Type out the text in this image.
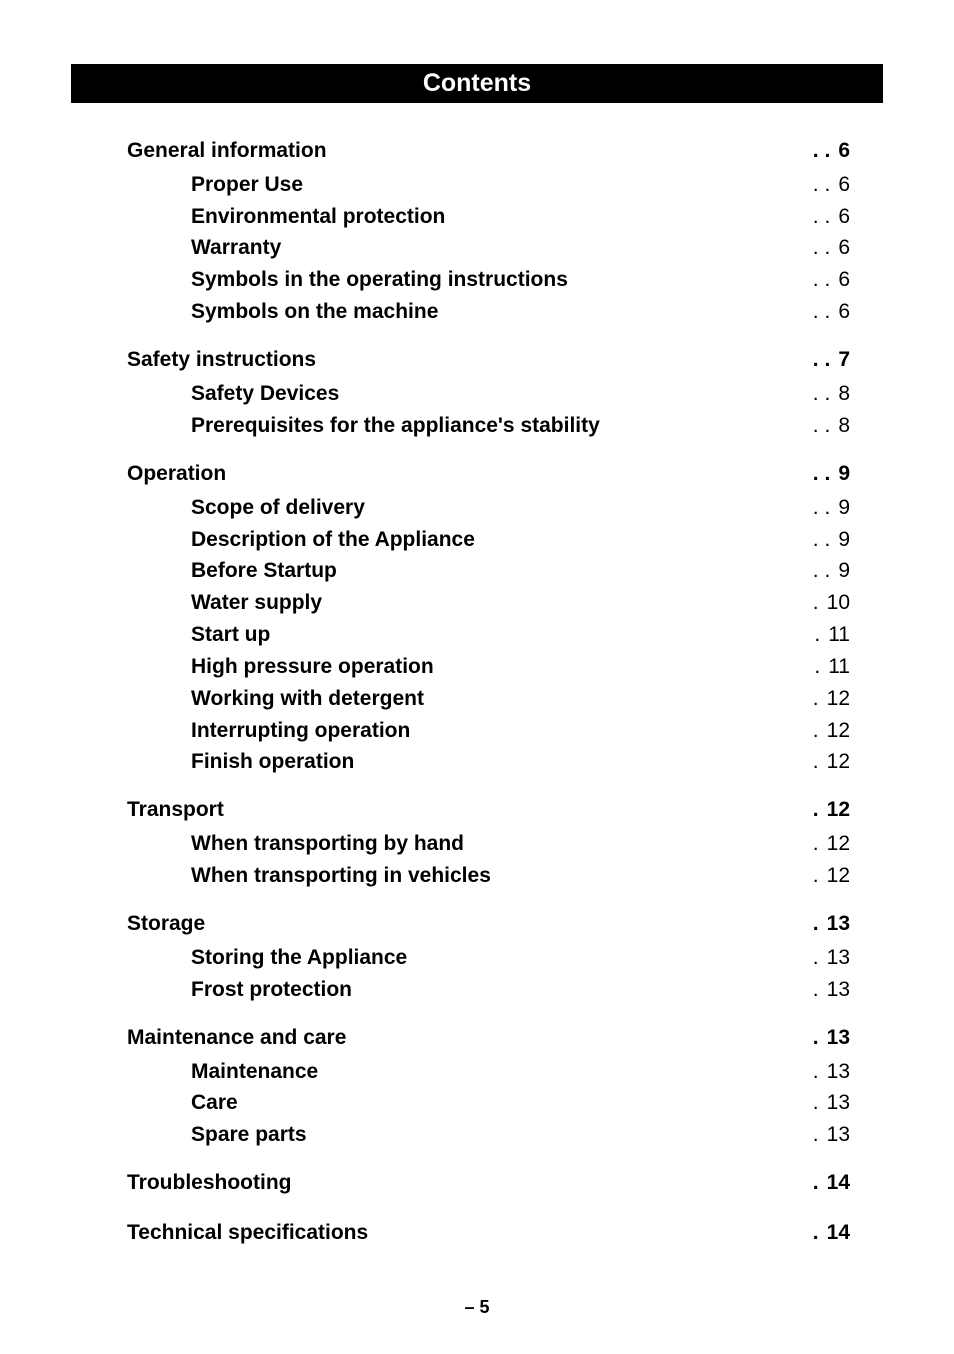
Contents
General information	. . 6
Proper Use	. . 6
Environmental protection	. . 6
Warranty	. . 6
Symbols in the operating instructions	. . 6
Symbols on the machine	. . 6
Safety instructions	. . 7
Safety Devices	. . 8
Prerequisites for the appliance's stability	. . 8
Operation	. . 9
Scope of delivery	. . 9
Description of the Appliance	. . 9
Before Startup	. . 9
Water supply	. 10
Start up	. 11
High pressure operation	. 11
Working with detergent	. 12
Interrupting operation	. 12
Finish operation	. 12
Transport	. 12
When transporting by hand	. 12
When transporting in vehicles	. 12
Storage	. 13
Storing the Appliance	. 13
Frost protection	. 13
Maintenance and care	. 13
Maintenance	. 13
Care	. 13
Spare parts	. 13
Troubleshooting	. 14
Technical specifications	. 14
– 5
